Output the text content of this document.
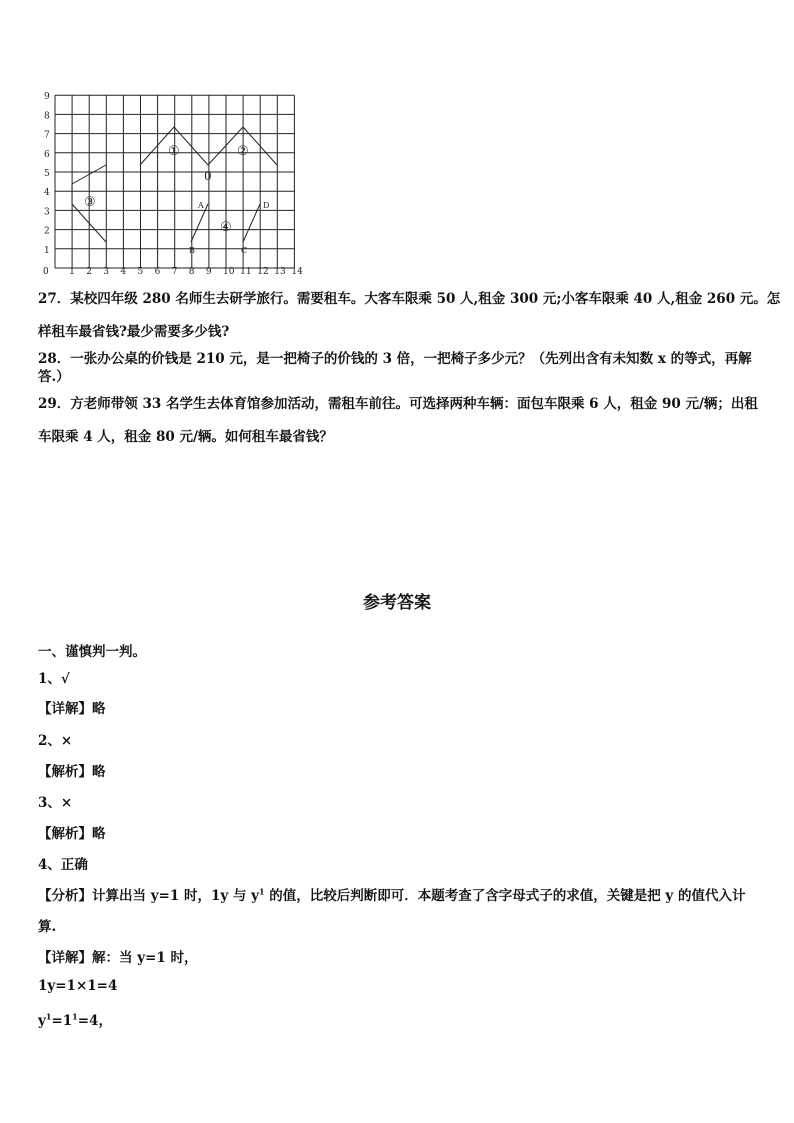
①	②
③
④
0
A
B	C
D
0 1 2 3 4 5 6 7 8 9 10 11 12 13 14
1
2
3
4
5
6
7
8
9
27．某校四年级 280 名师生去研学旅行。需要租车。大客车限乘 50 人,租金 300 元;小客车限乘 40 人,租金 260 元。怎
样租车最省钱?最少需要多少钱?
28．一张办公桌的价钱是 210 元，是一把椅子的价钱的 3 倍，一把椅子多少元？（先列出含有未知数 x 的等式，再解
答.）
29．方老师带领 33 名学生去体育馆参加活动，需租车前往。可选择两种车辆：面包车限乘 6 人，租金 90 元/辆；出租
车限乘 4 人，租金 80 元/辆。如何租车最省钱？
参考答案
一、谨慎判一判。
1、√
【详解】略
2、×
【解析】略
3、×
【解析】略
4、正确
【分析】计算出当 y=1 时，1y 与 $y^1$ 的值，比较后判断即可．本题考查了含字母式子的求值，关键是把 y 的值代入计
算.
【详解】解：当 y=1 时，
1y=1×1=4
$y^1=1^1=4$，
